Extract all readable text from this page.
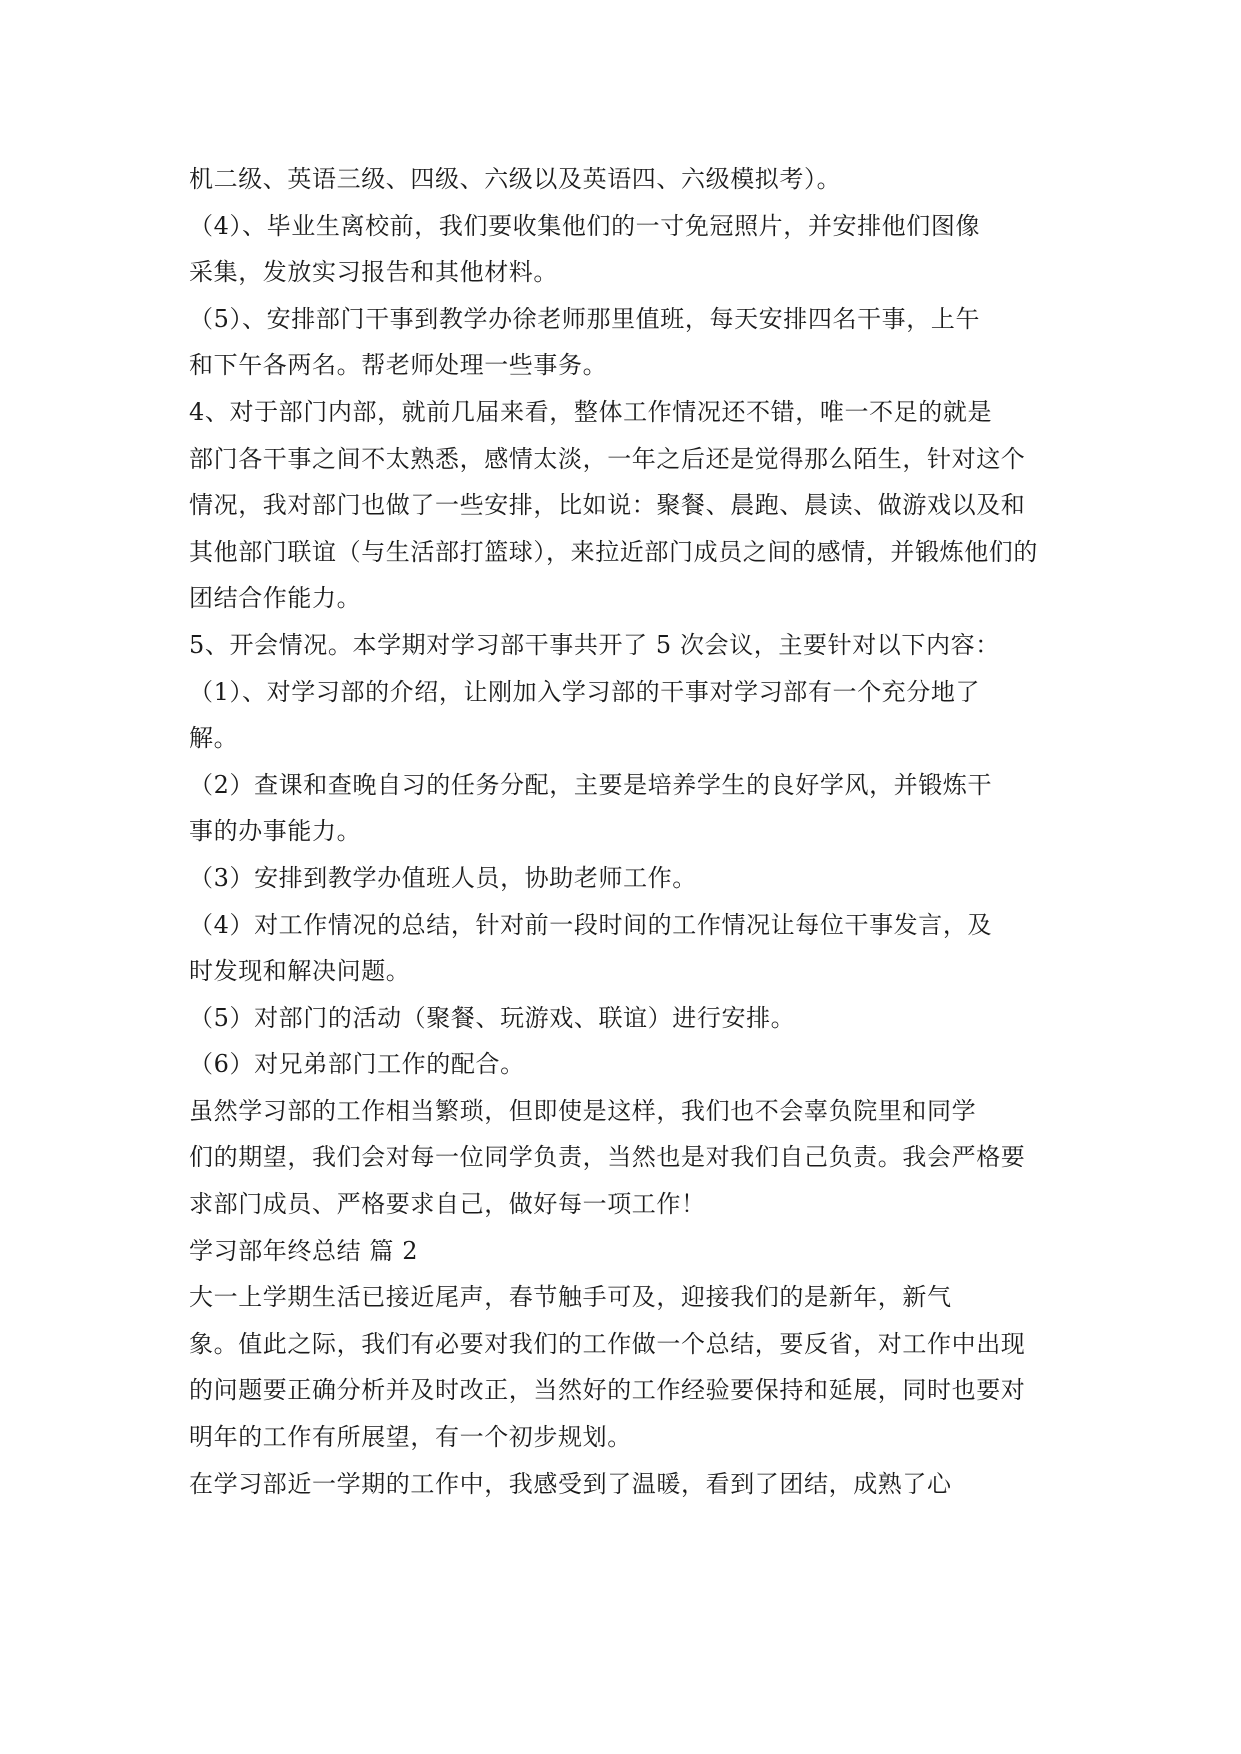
机二级、英语三级、四级、六级以及英语四、六级模拟考）。

（4）、毕业生离校前，我们要收集他们的一寸免冠照片，并安排他们图像
采集，发放实习报告和其他材料。

（5）、安排部门干事到教学办徐老师那里值班，每天安排四名干事，上午
和下午各两名。帮老师处理一些事务。

4、对于部门内部，就前几届来看，整体工作情况还不错，唯一不足的就是
部门各干事之间不太熟悉，感情太淡，一年之后还是觉得那么陌生，针对这个
情况，我对部门也做了一些安排，比如说：聚餐、晨跑、晨读、做游戏以及和
其他部门联谊（与生活部打篮球），来拉近部门成员之间的感情，并锻炼他们的
团结合作能力。

5、开会情况。本学期对学习部干事共开了 5 次会议，主要针对以下内容：

（1）、对学习部的介绍，让刚加入学习部的干事对学习部有一个充分地了
解。

（2）查课和查晚自习的任务分配，主要是培养学生的良好学风，并锻炼干
事的办事能力。

（3）安排到教学办值班人员，协助老师工作。

（4）对工作情况的总结，针对前一段时间的工作情况让每位干事发言，及
时发现和解决问题。

（5）对部门的活动（聚餐、玩游戏、联谊）进行安排。

（6）对兄弟部门工作的配合。

虽然学习部的工作相当繁琐，但即使是这样，我们也不会辜负院里和同学
们的期望，我们会对每一位同学负责，当然也是对我们自己负责。我会严格要
求部门成员、严格要求自己，做好每一项工作！

学习部年终总结 篇 2

大一上学期生活已接近尾声，春节触手可及，迎接我们的是新年，新气
象。值此之际，我们有必要对我们的工作做一个总结，要反省，对工作中出现
的问题要正确分析并及时改正，当然好的工作经验要保持和延展，同时也要对
明年的工作有所展望，有一个初步规划。

在学习部近一学期的工作中，我感受到了温暖，看到了团结，成熟了心
